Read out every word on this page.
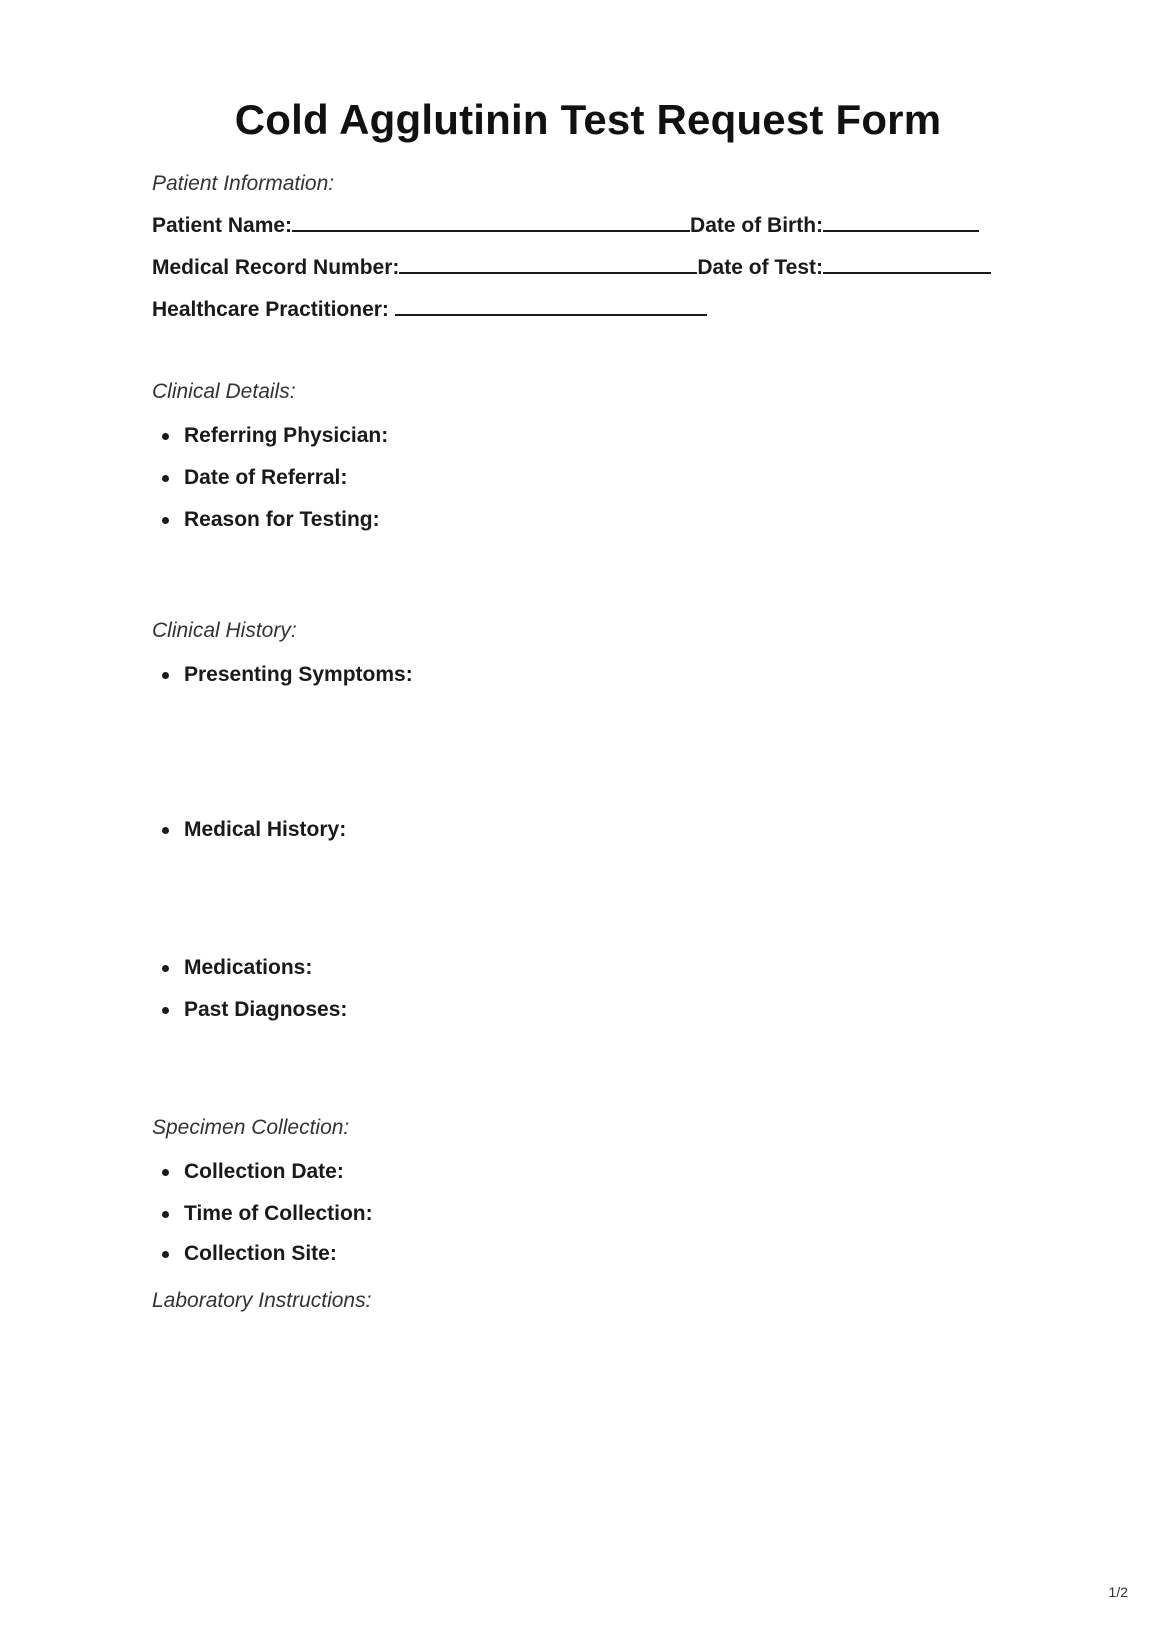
Cold Agglutinin Test Request Form

Patient Information:

Patient Name:	Date of Birth:
Medical Record Number:	Date of Test:
Healthcare Practitioner:

Clinical Details:

Referring Physician:
Date of Referral:
Reason for Testing:

Clinical History:

Presenting Symptoms:
Medical History:
Medications:
Past Diagnoses:

Specimen Collection:

Collection Date:
Time of Collection:
Collection Site:

Laboratory Instructions:

1/2
